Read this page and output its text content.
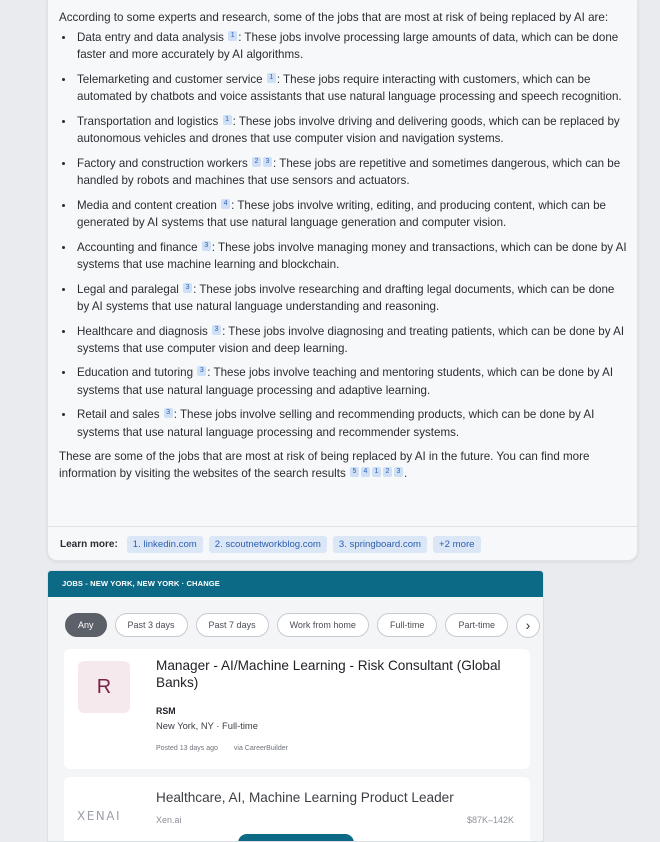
According to some experts and research, some of the jobs that are most at risk of being replaced by AI are:

Data entry and data analysis 1 : These jobs involve processing large amounts of data, which can be done faster and more accurately by AI algorithms.
Telemarketing and customer service 1 : These jobs require interacting with customers, which can be automated by chatbots and voice assistants that use natural language processing and speech recognition.
Transportation and logistics 1 : These jobs involve driving and delivering goods, which can be replaced by autonomous vehicles and drones that use computer vision and navigation systems.
Factory and construction workers 2 3 : These jobs are repetitive and sometimes dangerous, which can be handled by robots and machines that use sensors and actuators.
Media and content creation 4 : These jobs involve writing, editing, and producing content, which can be generated by AI systems that use natural language generation and computer vision.
Accounting and finance 3 : These jobs involve managing money and transactions, which can be done by AI systems that use machine learning and blockchain.
Legal and paralegal 3 : These jobs involve researching and drafting legal documents, which can be done by AI systems that use natural language understanding and reasoning.
Healthcare and diagnosis 3 : These jobs involve diagnosing and treating patients, which can be done by AI systems that use computer vision and deep learning.
Education and tutoring 3 : These jobs involve teaching and mentoring students, which can be done by AI systems that use natural language processing and adaptive learning.
Retail and sales 3 : These jobs involve selling and recommending products, which can be done by AI systems that use natural language processing and recommender systems.

These are some of the jobs that are most at risk of being replaced by AI in the future. You can find more information by visiting the websites of the search results 5 4 1 2 3 .

Learn more:	1. linkedin.com	2. scoutnetworkblog.com	3. springboard.com	+2 more
JOBS - NEW YORK, NEW YORK · CHANGE
Any	Past 3 days	Past 7 days	Work from home	Full-time	Part-time	›
R
Manager - AI/Machine Learning - Risk Consultant (Global Banks)
RSM
New York, NY · Full-time
Posted 13 days ago via CareerBuilder
XENAI
Healthcare, AI, Machine Learning Product Leader
Xen.ai	$87K–142K
